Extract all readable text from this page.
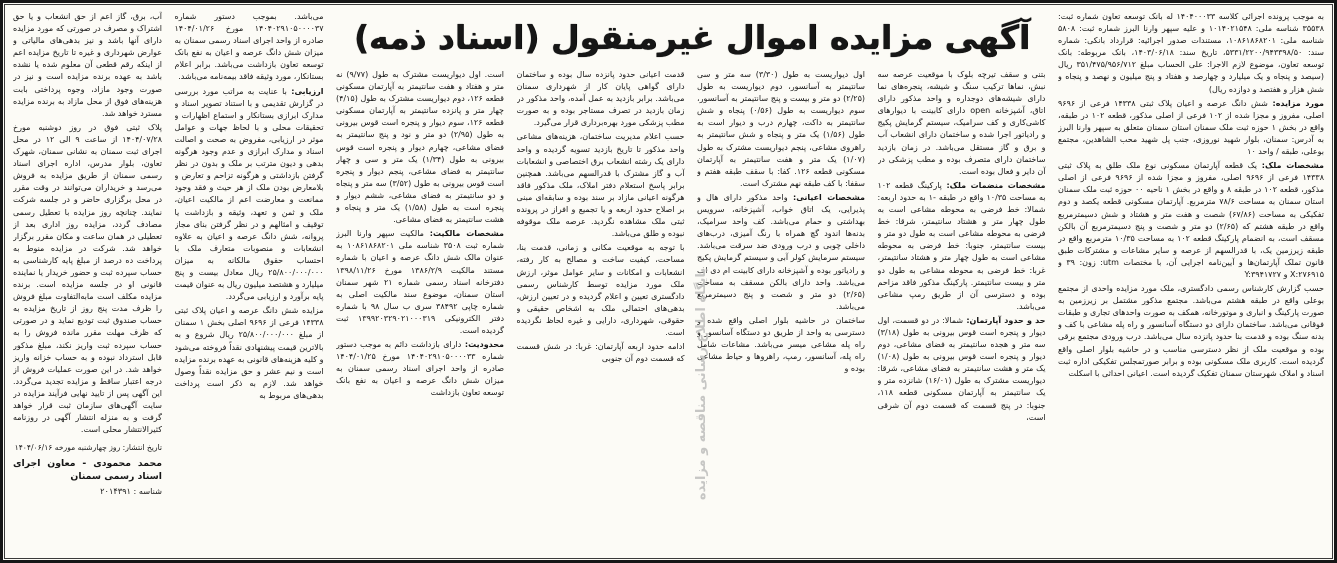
آگهی مزایده اموال غیرمنقول (اسناد ذمه)

به موجب پرونده اجرائی کلاسه ۱۴۰۴۰۰۰۳۳ له بانک توسعه تعاون شماره ثبت: ۳۵۵۳۸ شناسه ملی: ۱۰۱۴۰۲۱۵۴۸ و علیه سپهر وارنا البرز شماره ثبت: ۵۸۰۸ شناسه ملی: ۱۰۸۶۱۸۶۸۲۰۱، مستندات صدور اجرائیه: قرارداد بانکی: شماره سند: ۵۳۳۱/۲۲۰۰/۹۴۳۳۹۸/۵۰، تاریخ سند: ۱۴۰۳/۰۶/۱۸، بانک مربوطه: بانک توسعه تعاون، موضوع لازم الاجرا: علی الحساب مبلغ ۳۵۱/۴۷۵/۹۵۶/۷۱۲ ریال (سیصد و پنجاه و یک میلیارد و چهارصد و هفتاد و پنج میلیون و نهصد و پنجاه و شش هزار و هفتصد و دوازده ریال)

مورد مزایده: شش دانگ عرصه و اعیان پلاک ثبتی ۱۴۳۳۸ فرعی از ۹۶۹۶ اصلی، مفروز و مجزا شده از ۱۰۲ فرعی از اصلی مذکور، قطعه ۱۰۲ در طبقه، واقع در بخش ۱ حوزه ثبت ملک سمنان استان سمنان متعلق به سپهر وارنا البرز به آدرس: سمنان، بلوار شهید نوروزی، جنب پل شهید محب الشاهدین، مجتمع بوعلی، طبقه / واحد ۱۰

مشخصات ملک: یک قطعه آپارتمان مسکونی نوع ملک طلق به پلاک ثبتی ۱۴۳۳۸ فرعی از ۹۶۹۶ اصلی، مفروز و مجزا شده از ۹۶۹۶ فرعی از اصلی مذکور، قطعه ۱۰۲ در طبقه ۸ و واقع در بخش ۱ ناحیه ۰۰ حوزه ثبت ملک سمنان استان سمنان به مساحت ۷۸/۶ مترمربع. آپارتمان مسکونی قطعه یکصد و دوم تفکیکی به مساحت (۶۷/۸۶) شصت و هفت متر و هشتاد و شش دسیمترمربع واقع در طبقه هشتم که (۲/۶۵) دو متر و شصت و پنج دسیمترمربع آن بالکن مسقف است، به انضمام پارکینگ قطعه ۱۰۲ به مساحت ۱۰/۳۵ مترمربع واقع در طبقه زیرزمین یک، با قدرالسهم از عرصه و سایر مشاعات و مشترکات طبق قانون تملک آپارتمان‌ها و آیین‌نامه اجرایی آن، با مختصات utm: زون: ۳۹ و X:۲۷۶۹۱۵ و Y:۳۹۴۱۷۲۷

حسب گزارش کارشناس رسمی دادگستری، ملک مورد مزایده واحدی از مجتمع بوعلی واقع در طبقه هشتم می‌باشد. مجتمع مذکور مشتمل بر زیرزمین به صورت پارکینگ و انباری و موتورخانه، همکف به صورت واحدهای تجاری و طبقات فوقانی می‌باشد. ساختمان دارای دو دستگاه آسانسور و راه پله مشاعی با کف و بدنه سنگ بوده و قدمت بنا حدود پانزده سال می‌باشد. درب ورودی مجتمع برقی بوده و موقعیت ملک از نظر دسترسی مناسب و در حاشیه بلوار اصلی واقع گردیده است. کاربری ملک مسکونی بوده و برابر صورتمجلس تفکیکی اداره ثبت اسناد و املاک شهرستان سمنان تفکیک گردیده است. اعیانی احداثی با اسکلت

بتنی و سقف تیرچه بلوک با موقعیت عرصه سه نبش، نماها ترکیب سنگ و شیشه، پنجره‌های نما دارای شیشه‌های دوجداره و واحد مذکور دارای اتاق، آشپزخانه open دارای کابینت با دیوارهای کاشی‌کاری و کف سرامیک، سیستم گرمایش پکیج و رادیاتور اجرا شده و ساختمان دارای انشعاب آب و برق و گاز مستقل می‌باشد. در زمان بازدید ساختمان دارای متصرف بوده و مطب پزشکی در آن دایر و فعال بوده است.

مشخصات منضمات ملک: پارکینگ قطعه ۱۰۲ به مساحت ۱۰/۳۵ واقع در طبقه -۱ به حدود اربعه: شمالا: خط فرضی به محوطه مشاعی است به طول چهار متر و هشتاد سانتیمتر، شرقا: خط فرضی به محوطه مشاعی است به طول دو متر و بیست سانتیمتر، جنوبا: خط فرضی به محوطه مشاعی است به طول چهار متر و هشتاد سانتیمتر، غربا: خط فرضی به محوطه مشاعی به طول دو متر و بیست سانتیمتر. پارکینگ مذکور فاقد مزاحم بوده و دسترسی آن از طریق رمپ مشاعی می‌باشد.

حد و حدود آپارتمان: شمالا: در دو قسمت، اول دیوار و پنجره است قوس بیرونی به طول (۳/۱۸) سه متر و هجده سانتیمتر به فضای مشاعی، دوم دیوار و پنجره است قوس بیرونی به طول (۱/۰۸) یک متر و هشت سانتیمتر به فضای مشاعی، شرقا: دیواریست مشترک به طول (۱۶/۰۱) شانزده متر و یک سانتیمتر به آپارتمان مسکونی قطعه ۱۱۸، جنوبا: در پنج قسمت که قسمت دوم آن شرقی است،

اول دیواریست به طول (۳/۳۰) سه متر و سی سانتیمتر به آسانسور، دوم دیواریست به طول (۲/۲۵) دو متر و بیست و پنج سانتیمتر به آسانسور، سوم دیواریست به طول (۰/۵۶) پنجاه و شش سانتیمتر به داکت، چهارم درب و دیوار است به طول (۱/۵۶) یک متر و پنجاه و شش سانتیمتر به راهروی مشاعی، پنجم دیواریست مشترک به طول (۱/۰۷) یک متر و هفت سانتیمتر به آپارتمان مسکونی قطعه ۱۲۶. کفا: با سقف طبقه هفتم و سقفا: با کف طبقه نهم مشترک است.

مشخصات اعیانی: واحد مذکور دارای هال و پذیرایی، یک اتاق خواب، آشپزخانه، سرویس بهداشتی و حمام می‌باشد. کف واحد سرامیک، بدنه‌ها اندود گچ همراه با رنگ آمیزی، درب‌های داخلی چوبی و درب ورودی ضد سرقت می‌باشد. سیستم سرمایش کولر آبی و سیستم گرمایش پکیج و رادیاتور بوده و آشپزخانه دارای کابینت ام دی اف می‌باشد. واحد دارای بالکن مسقف به مساحت (۲/۶۵) دو متر و شصت و پنج دسیمترمربع می‌باشد.

ساختمان در حاشیه بلوار اصلی واقع شده و دسترسی به واحد از طریق دو دستگاه آسانسور و راه پله مشاعی میسر می‌باشد. مشاعات شامل راه پله، آسانسور، رمپ، راهروها و حیاط مشاعی بوده و

قدمت اعیانی حدود پانزده سال بوده و ساختمان دارای گواهی پایان کار از شهرداری سمنان می‌باشد. برابر بازدید به عمل آمده، واحد مذکور در زمان بازدید در تصرف مستاجر بوده و به صورت مطب پزشکی مورد بهره‌برداری قرار می‌گیرد.

حسب اعلام مدیریت ساختمان، هزینه‌های مشاعی واحد مذکور تا تاریخ بازدید تسویه گردیده و واحد دارای یک رشته انشعاب برق اختصاصی و انشعابات آب و گاز مشترک با قدرالسهم می‌باشد. همچنین برابر پاسخ استعلام دفتر املاک، ملک مذکور فاقد هرگونه اعیانی مازاد بر سند بوده و سابقه‌ای مبنی بر اصلاح حدود اربعه و یا تجمیع و افراز در پرونده ثبتی ملک مشاهده نگردید. عرصه ملک موقوفه نبوده و طلق می‌باشد.

با توجه به موقعیت مکانی و زمانی، قدمت بنا، مساحت، کیفیت ساخت و مصالح به کار رفته، انشعابات و امکانات و سایر عوامل موثر، ارزش ملک مورد مزایده توسط کارشناس رسمی دادگستری تعیین و اعلام گردیده و در تعیین ارزش، بدهی‌های احتمالی ملک به اشخاص حقیقی و حقوقی، شهرداری، دارایی و غیره لحاظ نگردیده است.

ادامه حدود اربعه آپارتمان: غربا: در شش قسمت که قسمت دوم آن جنوبی

است. اول دیواریست مشترک به طول (۹/۷۷) نه متر و هفتاد و هفت سانتیمتر به آپارتمان مسکونی قطعه ۱۲۶، دوم دیواریست مشترک به طول (۴/۱۵) چهار متر و پانزده سانتیمتر به آپارتمان مسکونی قطعه ۱۲۶، سوم دیوار و پنجره است قوس بیرونی به طول (۲/۹۵) دو متر و نود و پنج سانتیمتر به فضای مشاعی، چهارم دیوار و پنجره است قوس بیرونی به طول (۱/۳۴) یک متر و سی و چهار سانتیمتر به فضای مشاعی، پنجم دیوار و پنجره است قوس بیرونی به طول (۳/۵۲) سه متر و پنجاه و دو سانتیمتر به فضای مشاعی، ششم دیوار و پنجره است به طول (۱/۵۸) یک متر و پنجاه و هشت سانتیمتر به فضای مشاعی.

مشخصات مالکیت: مالکیت سپهر وارنا البرز شماره ثبت ۳۵۰۸ شناسه ملی ۱۰۸۶۱۸۶۸۲۰۱ به عنوان مالک شش دانگ عرصه و اعیان با شماره مستند مالکیت ۱۳۸۶/۲/۹ مورخ ۱۳۹۸/۱۱/۲۶ دفترخانه اسناد رسمی شماره ۲۱ شهر سمنان استان سمنان، موضوع سند مالکیت اصلی به شماره چاپی ۳۸۴۹۲ سری ب سال ۹۸ با شماره دفتر الکترونیکی ۱۳۹۹۲۰۳۲۹۰۲۱۰۰۰۳۱۹ ثبت گردیده است.

محدودیت: دارای بازداشت دائم به موجب دستور شماره ۱۴۰۴۰۲۹۱۰۵۰۰۰۰۳۳ مورخ ۱۴۰۴/۰۱/۲۵ صادره از واحد اجرای اسناد رسمی سمنان به میزان شش دانگ عرصه و اعیان به نفع بانک توسعه تعاون بازداشت

می‌باشد. بموجب دستور شماره ۱۴۰۴۰۲۹۱۰۵۰۰۰۰۳۷ مورخ ۱۴۰۴/۰۱/۲۶ صادره از واحد اجرای اسناد رسمی سمنان به میزان شش دانگ عرصه و اعیان به نفع بانک توسعه تعاون بازداشت می‌باشد. برابر اعلام بستانکار، مورد وثیقه فاقد بیمه‌نامه می‌باشد.

ارزیابی: با عنایت به مراتب مورد بررسی در گزارش تقدیمی و با استناد تصویر اسناد و مدارک ابرازی بستانکار و استماع اظهارات و تحقیقات محلی و با لحاظ جهات و عوامل موثر در ارزیابی، مفروض به صحت و اصالت اسناد و مدارک ابرازی و عدم وجود هرگونه بدهی و دیون مترتب بر ملک و بدون در نظر گرفتن بازداشتی و هرگونه تزاحم و تعارض و بلامعارض بودن ملک از هر حیث و فقد وجود ممانعت و معارضت اعم از مالکیت اعیان، ملک و ثمن و تعهد، وثیقه و بازداشت یا توقیف و امثالهم و در نظر گرفتن بنای مجاز پروانه، شش دانگ عرصه و اعیان به علاوه انشعابات و منصوبات متعارف ملک با احتساب حقوق مالکانه به میزان ۲۵/۸۰۰/۰۰۰/۰۰۰ ریال معادل بیست و پنج میلیارد و هشتصد میلیون ریال به عنوان قیمت پایه برآورد و ارزیابی می‌گردد.

مزایده شش دانگ عرصه و اعیان پلاک ثبتی ۱۴۳۳۸ فرعی از ۹۶۹۶ اصلی بخش ۱ سمنان از مبلغ ۲۵/۸۰۰/۰۰۰/۰۰۰ ریال شروع و به بالاترین قیمت پیشنهادی نقداً فروخته می‌شود و کلیه هزینه‌های قانونی به عهده برنده مزایده است و نیم عشر و حق مزایده نقداً وصول خواهد شد. لازم به ذکر است پرداخت بدهی‌های مربوط به

آب، برق، گاز اعم از حق انشعاب و یا حق اشتراک و مصرف در صورتی که مورد مزایده دارای آنها باشد و نیز بدهی‌های مالیاتی و عوارض شهرداری و غیره تا تاریخ مزایده اعم از اینکه رقم قطعی آن معلوم شده یا نشده باشد به عهده برنده مزایده است و نیز در صورت وجود مازاد، وجوه پرداختی بابت هزینه‌های فوق از محل مازاد به برنده مزایده مسترد خواهد شد.

پلاک ثبتی فوق در روز دوشنبه مورخ ۱۴۰۴/۰۷/۲۸ از ساعت ۹ الی ۱۲ در محل اجرای ثبت سمنان به نشانی سمنان، شهرک تعاون، بلوار مدرس، اداره اجرای اسناد رسمی سمنان از طریق مزایده به فروش می‌رسد و خریداران می‌توانند در وقت مقرر در محل برگزاری حاضر و در جلسه شرکت نمایند. چنانچه روز مزایده با تعطیل رسمی مصادف گردد، مزایده روز اداری بعد از تعطیلی در همان ساعت و مکان مقرر برگزار خواهد شد. شرکت در مزایده منوط به پرداخت ده درصد از مبلغ پایه کارشناسی به حساب سپرده ثبت و حضور خریدار یا نماینده قانونی او در جلسه مزایده است. برنده مزایده مکلف است مابه‌التفاوت مبلغ فروش را ظرف مدت پنج روز از تاریخ مزایده به حساب صندوق ثبت تودیع نماید و در صورتی که ظرف مهلت مقرر مانده فروش را به حساب سپرده ثبت واریز نکند، مبلغ مذکور قابل استرداد نبوده و به حساب خزانه واریز خواهد شد. در این صورت عملیات فروش از درجه اعتبار ساقط و مزایده تجدید می‌گردد. این آگهی پس از تایید نهایی فرآیند مزایده در سایت آگهی‌های سازمان ثبت قرار خواهد گرفت و به منزله انتشار آگهی در روزنامه کثیرالانتشار محلی است.

تاریخ انتشار: روز چهارشنبه مورخه ۱۴۰۴/۰۶/۱۶
محمد محمودی - معاون اجرای اسناد رسمی سمنان
شناسه : ۲۰۱۴۳۹۱	پایگاه اطلاع رسانی مناقصه و مزایده
